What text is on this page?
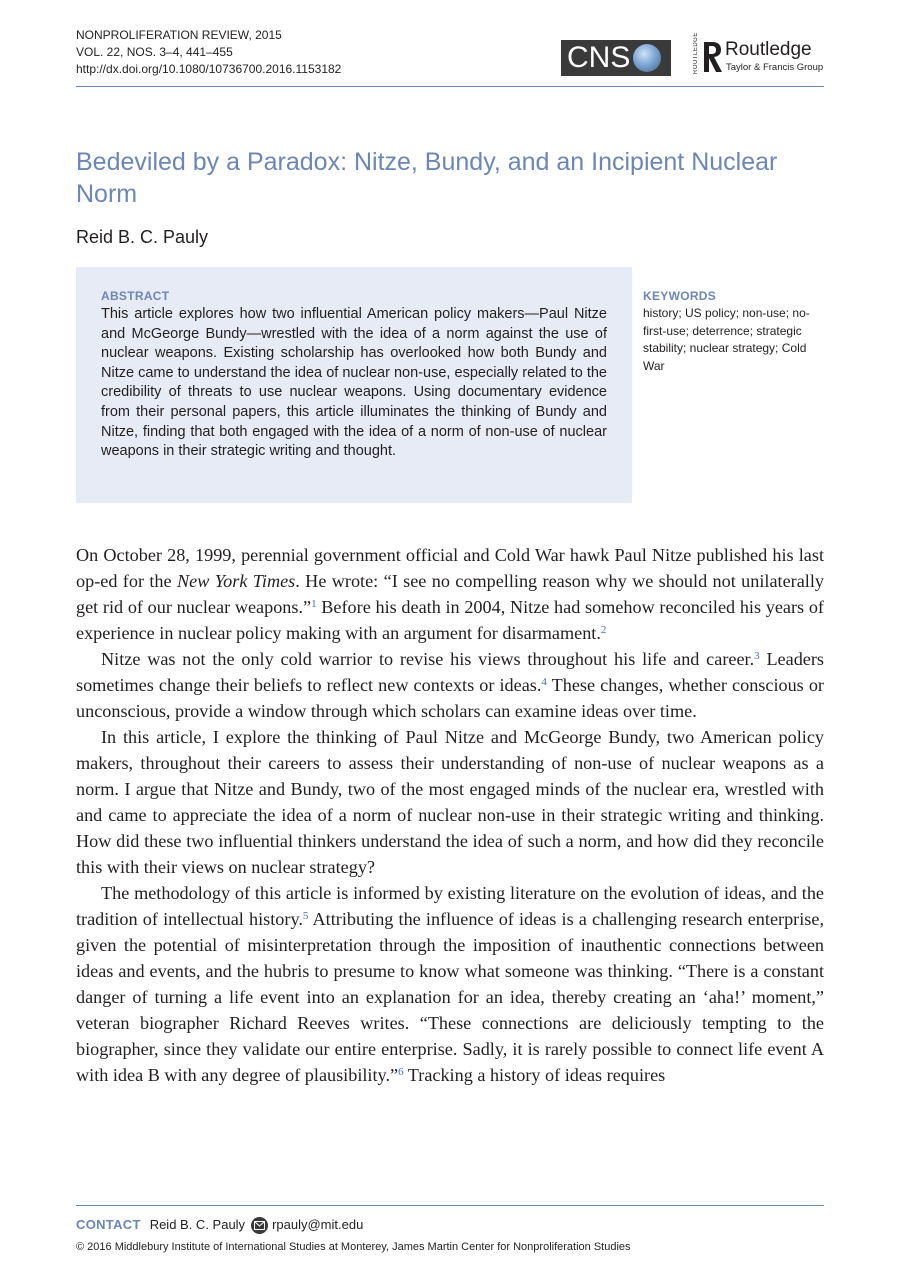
NONPROLIFERATION REVIEW, 2015
VOL. 22, NOS. 3–4, 441–455
http://dx.doi.org/10.1080/10736700.2016.1153182	CNS	ROUTLEDGE Routledge
Taylor & Francis Group
Bedeviled by a Paradox: Nitze, Bundy, and an Incipient Nuclear Norm
Reid B. C. Pauly
ABSTRACT

This article explores how two influential American policy makers—Paul Nitze and McGeorge Bundy—wrestled with the idea of a norm against the use of nuclear weapons. Existing scholarship has overlooked how both Bundy and Nitze came to understand the idea of nuclear non-use, especially related to the credibility of threats to use nuclear weapons. Using documentary evidence from their personal papers, this article illuminates the thinking of Bundy and Nitze, finding that both engaged with the idea of a norm of non-use of nuclear weapons in their strategic writing and thought.

KEYWORDS

history; US policy; non-use; no-first-use; deterrence; strategic stability; nuclear strategy; Cold War

On October 28, 1999, perennial government official and Cold War hawk Paul Nitze published his last op-ed for the New York Times. He wrote: “I see no compelling reason why we should not unilaterally get rid of our nuclear weapons.”$^1$ Before his death in 2004, Nitze had somehow reconciled his years of experience in nuclear policy making with an argument for disarmament.$^2$

Nitze was not the only cold warrior to revise his views throughout his life and career.$^3$ Leaders sometimes change their beliefs to reflect new contexts or ideas.$^4$ These changes, whether conscious or unconscious, provide a window through which scholars can examine ideas over time.

In this article, I explore the thinking of Paul Nitze and McGeorge Bundy, two American policy makers, throughout their careers to assess their understanding of non-use of nuclear weapons as a norm. I argue that Nitze and Bundy, two of the most engaged minds of the nuclear era, wrestled with and came to appreciate the idea of a norm of nuclear non-use in their strategic writing and thinking. How did these two influential thinkers understand the idea of such a norm, and how did they reconcile this with their views on nuclear strategy?

The methodology of this article is informed by existing literature on the evolution of ideas, and the tradition of intellectual history.$^5$ Attributing the influence of ideas is a challenging research enterprise, given the potential of misinterpretation through the imposition of inauthentic connections between ideas and events, and the hubris to presume to know what someone was thinking. “There is a constant danger of turning a life event into an explanation for an idea, thereby creating an ‘aha!’ moment,” veteran biographer Richard Reeves writes. “These connections are deliciously tempting to the biographer, since they validate our entire enterprise. Sadly, it is rarely possible to connect life event A with idea B with any degree of plausibility.”$^6$ Tracking a history of ideas requires

CONTACT Reid B. C. Pauly rpauly@mit.edu
© 2016 Middlebury Institute of International Studies at Monterey, James Martin Center for Nonproliferation Studies
